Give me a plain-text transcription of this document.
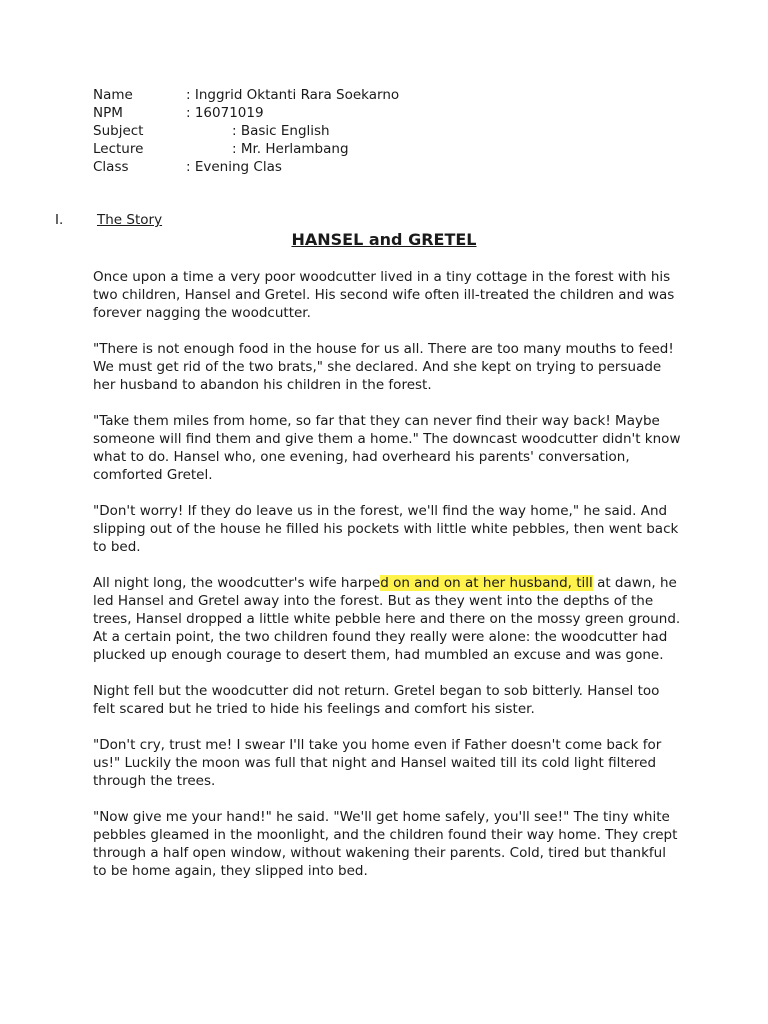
Name	: Inggrid Oktanti Rara Soekarno
NPM	: 16071019
Subject	: Basic English
Lecture	: Mr. Herlambang
Class	: Evening Clas
I. The Story
HANSEL and GRETEL

Once upon a time a very poor woodcutter lived in a tiny cottage in the forest with his two children, Hansel and Gretel. His second wife often ill-treated the children and was forever nagging the woodcutter.

"There is not enough food in the house for us all. There are too many mouths to feed! We must get rid of the two brats," she declared. And she kept on trying to persuade her husband to abandon his children in the forest.

"Take them miles from home, so far that they can never find their way back! Maybe someone will find them and give them a home." The downcast woodcutter didn't know what to do. Hansel who, one evening, had overheard his parents' conversation, comforted Gretel.

"Don't worry! If they do leave us in the forest, we'll find the way home," he said. And slipping out of the house he filled his pockets with little white pebbles, then went back to bed.

All night long, the woodcutter's wife harped on and on at her husband, till at dawn, he led Hansel and Gretel away into the forest. But as they went into the depths of the trees, Hansel dropped a little white pebble here and there on the mossy green ground. At a certain point, the two children found they really were alone: the woodcutter had plucked up enough courage to desert them, had mumbled an excuse and was gone.

Night fell but the woodcutter did not return. Gretel began to sob bitterly. Hansel too felt scared but he tried to hide his feelings and comfort his sister.

"Don't cry, trust me! I swear I'll take you home even if Father doesn't come back for us!" Luckily the moon was full that night and Hansel waited till its cold light filtered through the trees.

"Now give me your hand!" he said. "We'll get home safely, you'll see!" The tiny white pebbles gleamed in the moonlight, and the children found their way home. They crept through a half open window, without wakening their parents. Cold, tired but thankful to be home again, they slipped into bed.
